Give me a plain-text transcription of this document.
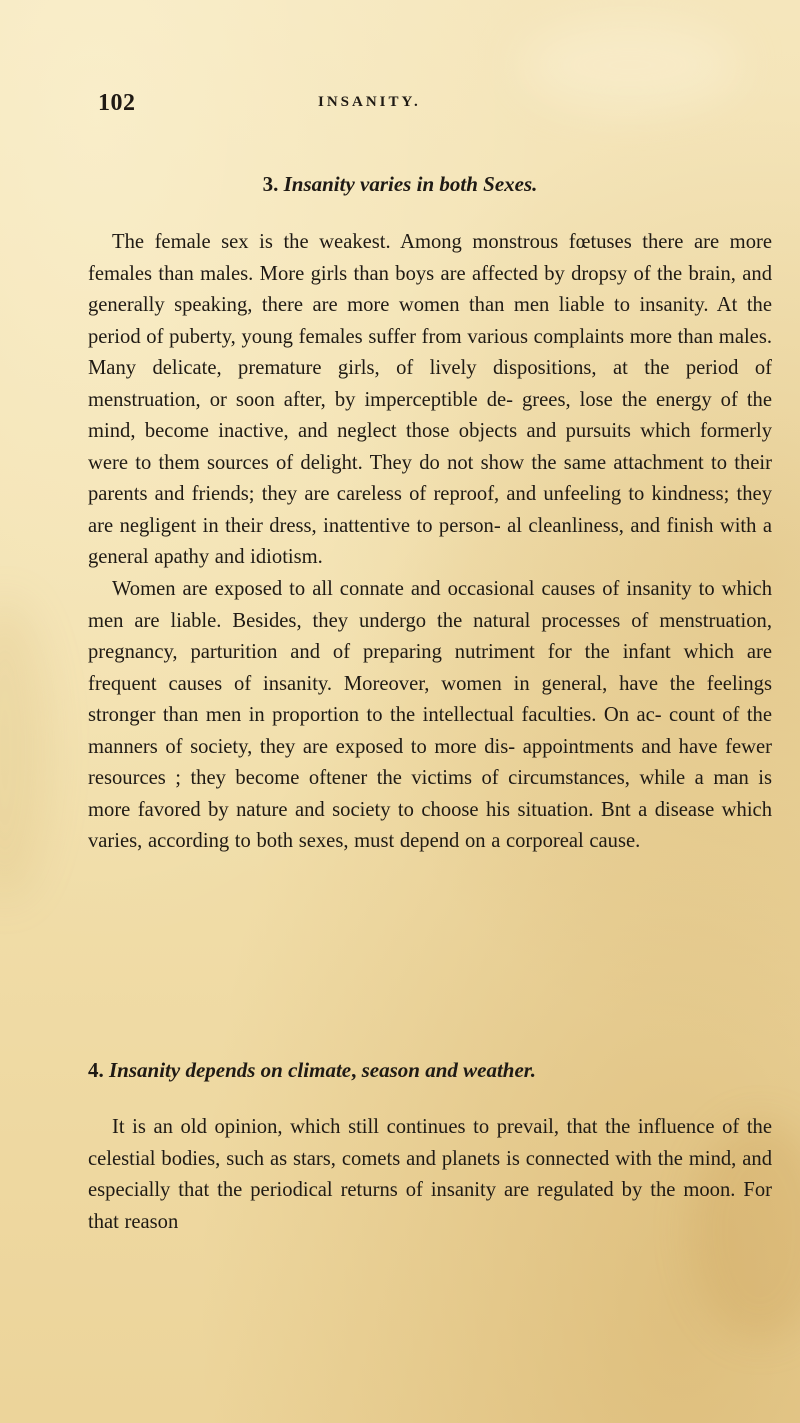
102	INSANITY.
3. Insanity varies in both Sexes.

The female sex is the weakest. Among monstrous fœtuses there are more females than males. More girls than boys are affected by dropsy of the brain, and generally speaking, there are more women than men liable to insanity. At the period of puberty, young females suffer from various complaints more than males. Many delicate, premature girls, of lively dispositions, at the period of menstruation, or soon after, by imperceptible de- grees, lose the energy of the mind, become inactive, and neglect those objects and pursuits which formerly were to them sources of delight. They do not show the same attachment to their parents and friends; they are careless of reproof, and unfeeling to kindness; they are negligent in their dress, inattentive to person- al cleanliness, and finish with a general apathy and idiotism.

Women are exposed to all connate and occasional causes of insanity to which men are liable. Besides, they undergo the natural processes of menstruation, pregnancy, parturition and of preparing nutriment for the infant which are frequent causes of insanity. Moreover, women in general, have the feelings stronger than men in proportion to the intellectual faculties. On ac- count of the manners of society, they are exposed to more dis- appointments and have fewer resources ; they become oftener the victims of circumstances, while a man is more favored by nature and society to choose his situation. Bnt a disease which varies, according to both sexes, must depend on a corporeal cause.

4. Insanity depends on climate, season and weather.

It is an old opinion, which still continues to prevail, that the influence of the celestial bodies, such as stars, comets and planets is connected with the mind, and especially that the periodical returns of insanity are regulated by the moon. For that reason
